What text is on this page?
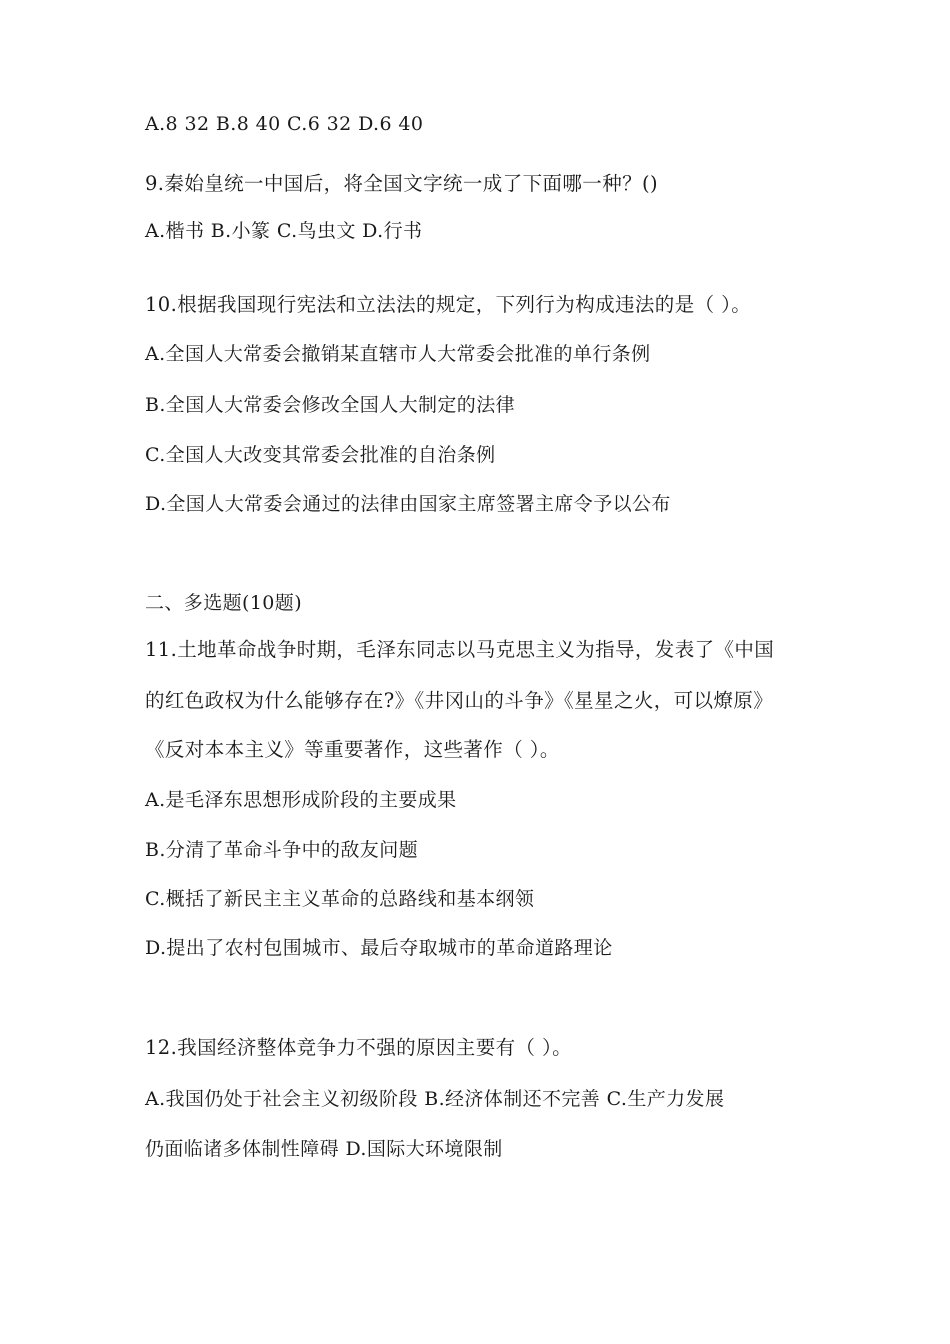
A.8 32 B.8 40 C.6 32 D.6 40
9.秦始皇统一中国后，将全国文字统一成了下面哪一种？()
A.楷书 B.小篆 C.鸟虫文 D.行书
10.根据我国现行宪法和立法法的规定，下列行为构成违法的是（ ）。
A.全国人大常委会撤销某直辖市人大常委会批准的单行条例
B.全国人大常委会修改全国人大制定的法律
C.全国人大改变其常委会批准的自治条例
D.全国人大常委会通过的法律由国家主席签署主席令予以公布
二、多选题(10题)
11.土地革命战争时期，毛泽东同志以马克思主义为指导，发表了《中国
的红色政权为什么能够存在?》《井冈山的斗争》《星星之火，可以燎原》
《反对本本主义》等重要著作，这些著作（ ）。
A.是毛泽东思想形成阶段的主要成果
B.分清了革命斗争中的敌友问题
C.概括了新民主主义革命的总路线和基本纲领
D.提出了农村包围城市、最后夺取城市的革命道路理论
12.我国经济整体竞争力不强的原因主要有（ ）。
A.我国仍处于社会主义初级阶段 B.经济体制还不完善 C.生产力发展
仍面临诸多体制性障碍 D.国际大环境限制
